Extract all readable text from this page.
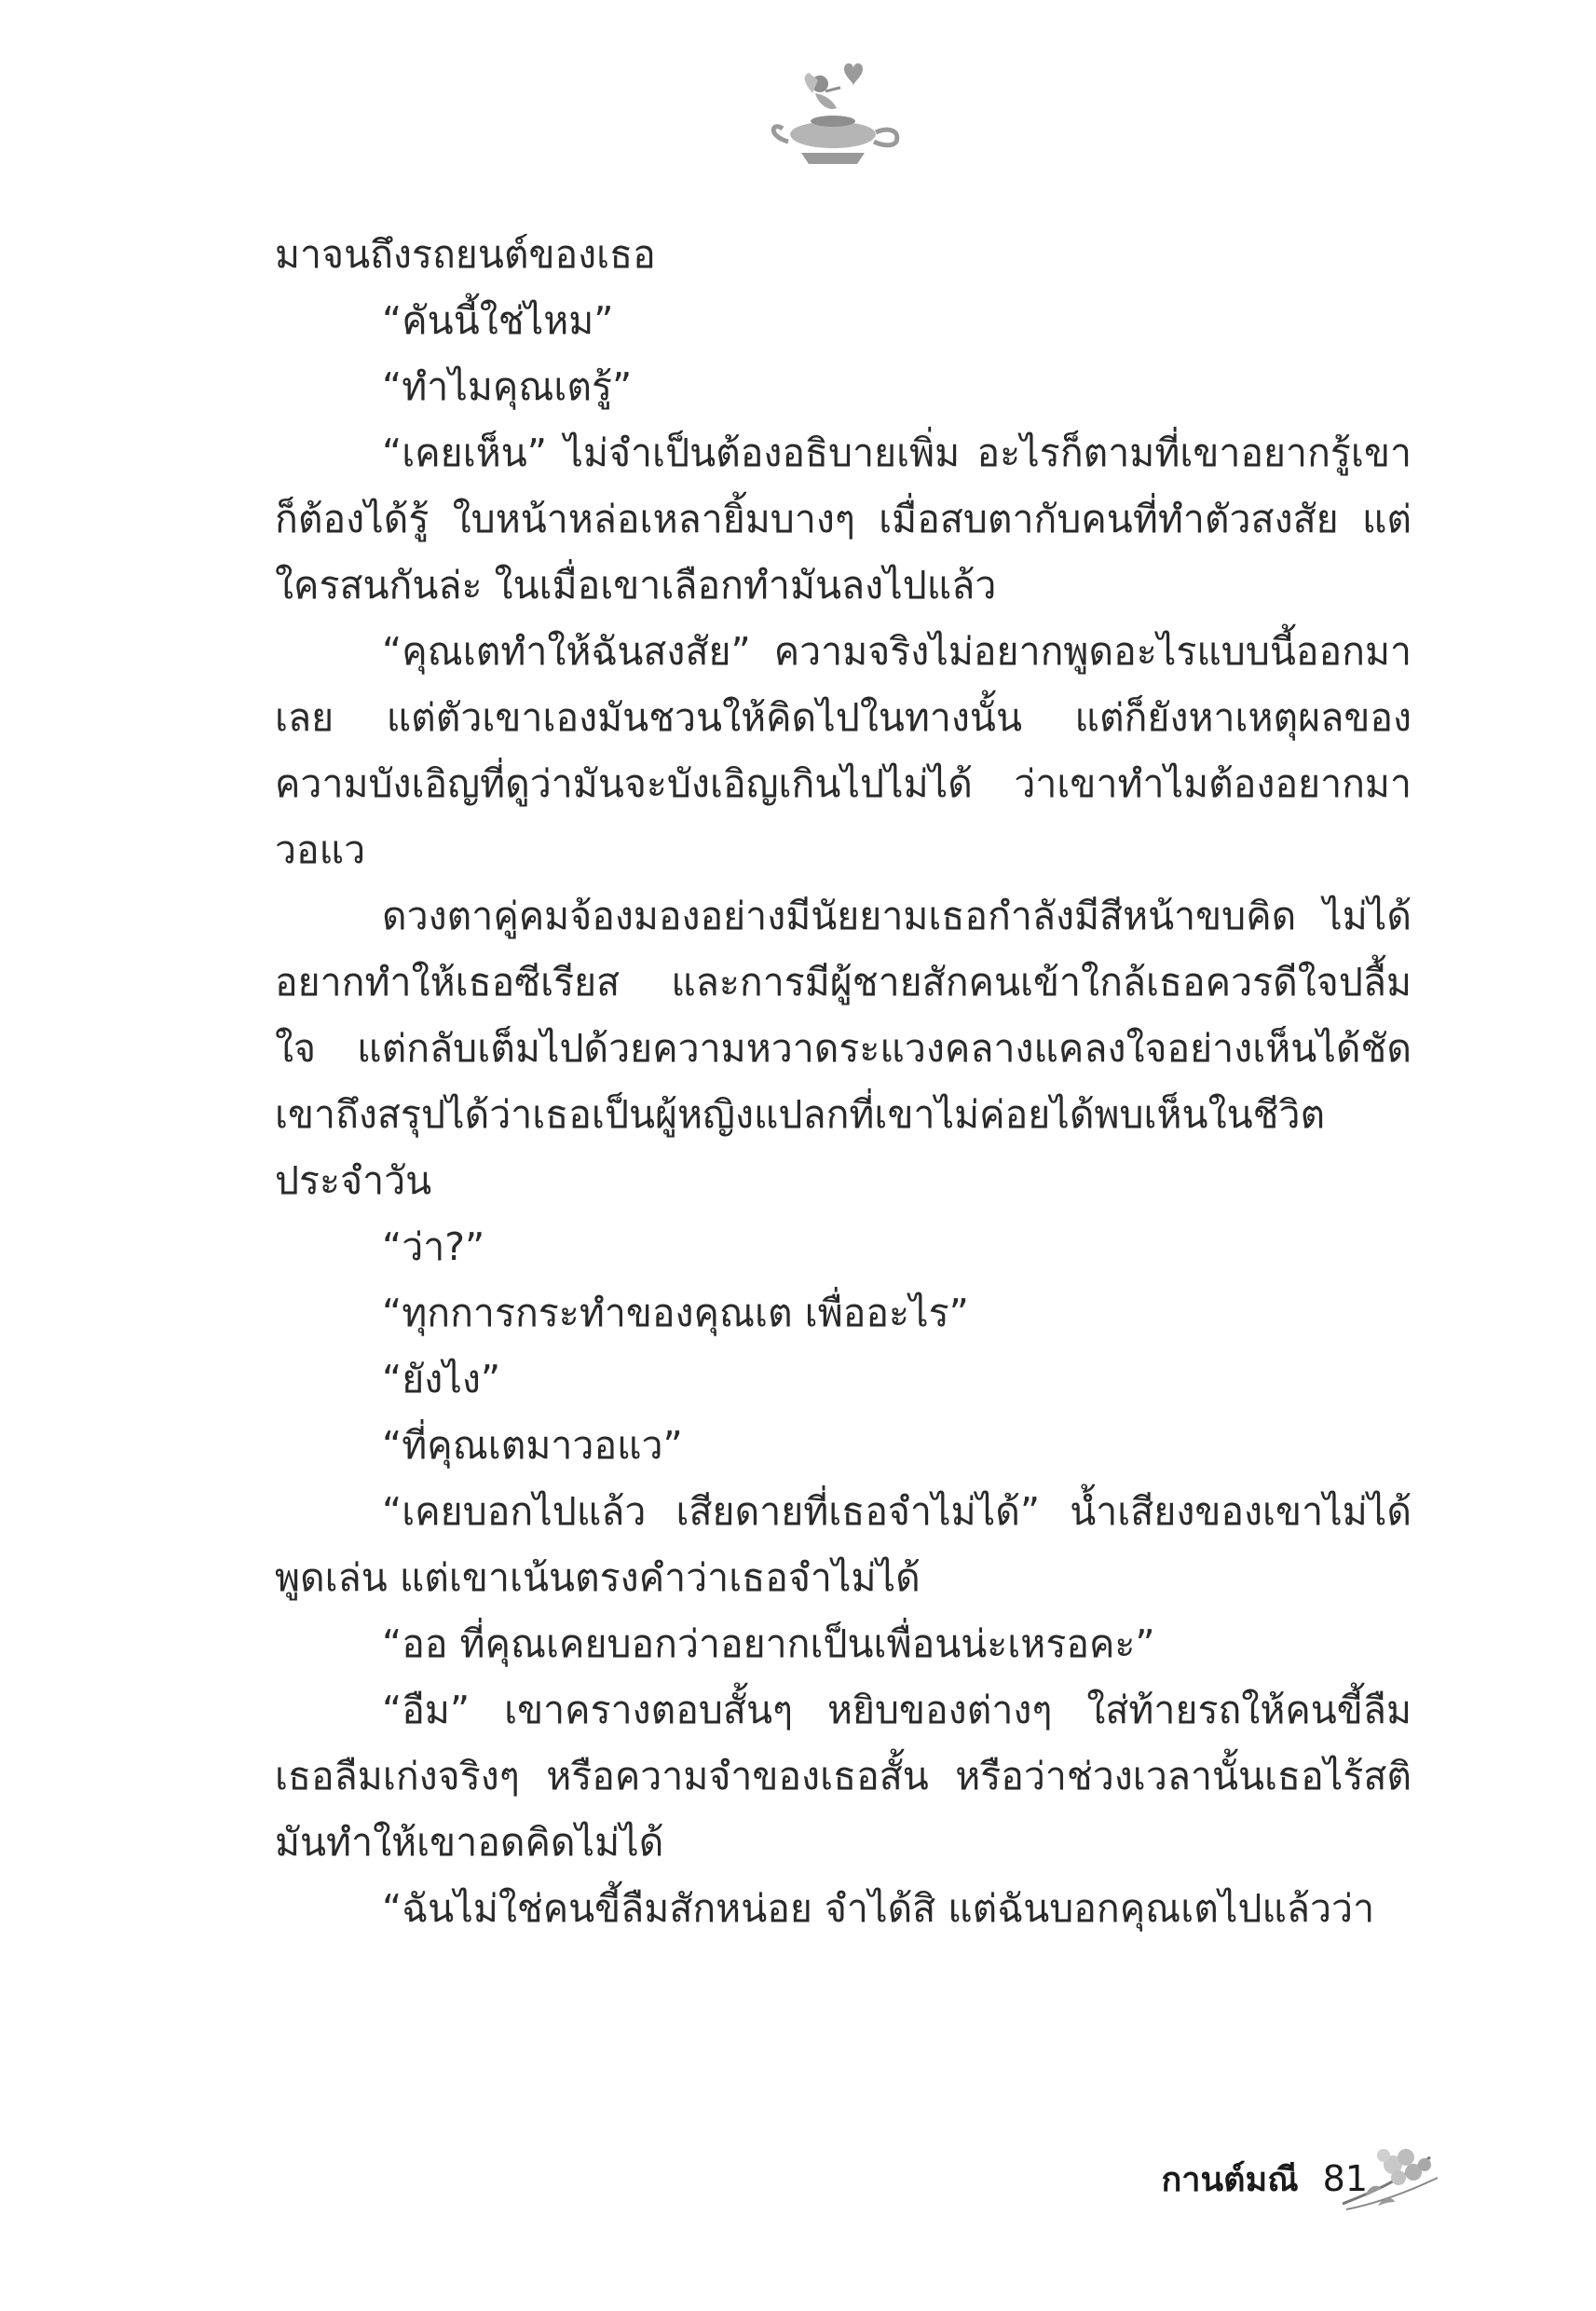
มาจนถึงรถยนต์ของเธอ

“คันนี้ใช่ไหม”

“ทำไมคุณเตรู้”

“เคยเห็น” ไม่จำเป็นต้องอธิบายเพิ่ม อะไรก็ตามที่เขาอยากรู้เขาก็ต้องได้รู้ ใบหน้าหล่อเหลายิ้มบางๆ เมื่อสบตากับคนที่ทำตัวสงสัย แต่ใครสนกันล่ะ ในเมื่อเขาเลือกทำมันลงไปแล้ว

“คุณเตทำให้ฉันสงสัย” ความจริงไม่อยากพูดอะไรแบบนี้ออกมาเลย แต่ตัวเขาเองมันชวนให้คิดไปในทางนั้น แต่ก็ยังหาเหตุผลของความบังเอิญที่ดูว่ามันจะบังเอิญเกินไปไม่ได้ ว่าเขาทำไมต้องอยากมาวอแว

ดวงตาคู่คมจ้องมองอย่างมีนัยยามเธอกำลังมีสีหน้าขบคิด ไม่ได้อยากทำให้เธอซีเรียส และการมีผู้ชายสักคนเข้าใกล้เธอควรดีใจปลื้มใจ แต่กลับเต็มไปด้วยความหวาดระแวงคลางแคลงใจอย่างเห็นได้ชัด เขาถึงสรุปได้ว่าเธอเป็นผู้หญิงแปลกที่เขาไม่ค่อยได้พบเห็นในชีวิตประจำวัน

“ว่า?”

“ทุกการกระทำของคุณเต เพื่ออะไร”

“ยังไง”

“ที่คุณเตมาวอแว”

“เคยบอกไปแล้ว เสียดายที่เธอจำไม่ได้” น้ำเสียงของเขาไม่ได้พูดเล่น แต่เขาเน้นตรงคำว่าเธอจำไม่ได้

“ออ ที่คุณเคยบอกว่าอยากเป็นเพื่อนน่ะเหรอคะ”

“อืม” เขาครางตอบสั้นๆ หยิบของต่างๆ ใส่ท้ายรถให้คนขี้ลืม เธอลืมเก่งจริงๆ หรือความจำของเธอสั้น หรือว่าช่วงเวลานั้นเธอไร้สติ มันทำให้เขาอดคิดไม่ได้

“ฉันไม่ใช่คนขี้ลืมสักหน่อย จำได้สิ แต่ฉันบอกคุณเตไปแล้วว่า

กานต์มณี 81
